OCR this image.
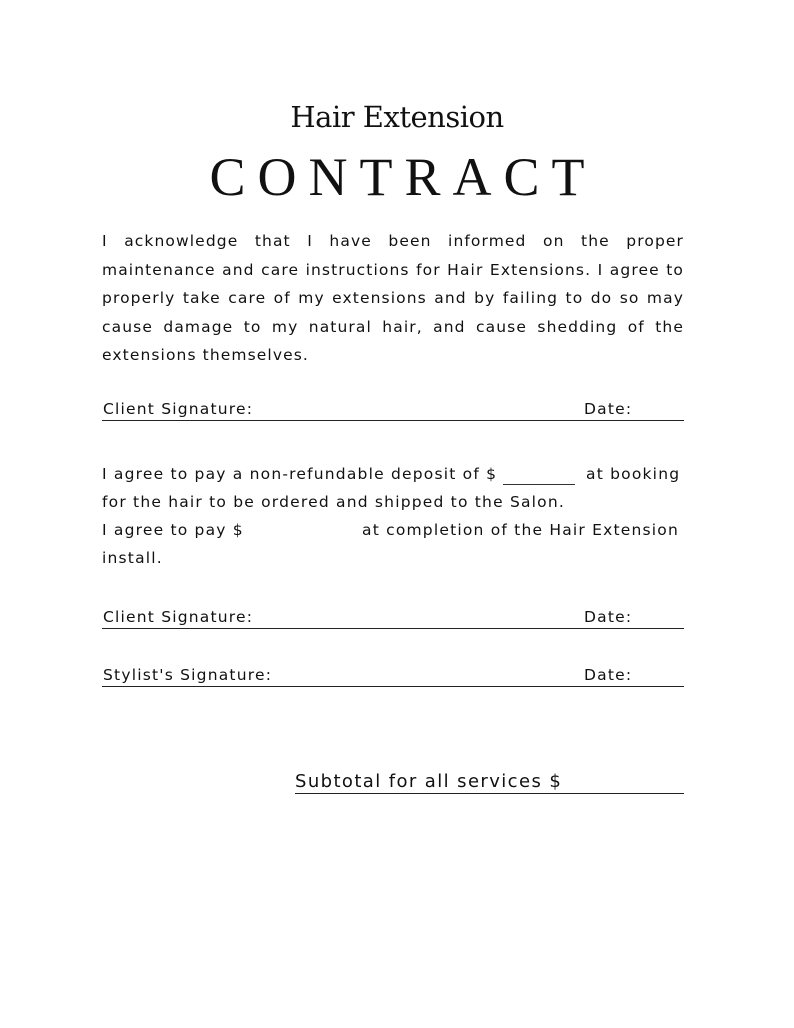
Hair Extension
CONTRACT
I acknowledge that I have been informed on the proper maintenance and care instructions for Hair Extensions. I agree to properly take care of my extensions and by failing to do so may cause damage to my natural hair, and cause shedding of the extensions themselves.
Client Signature:	Date:
I agree to pay a non-refundable deposit of $	at booking
for the hair to be ordered and shipped to the Salon.
I agree to pay $	at completion of the Hair Extension
install.
Client Signature:	Date:
Stylist's Signature:	Date:
Subtotal for all services $
